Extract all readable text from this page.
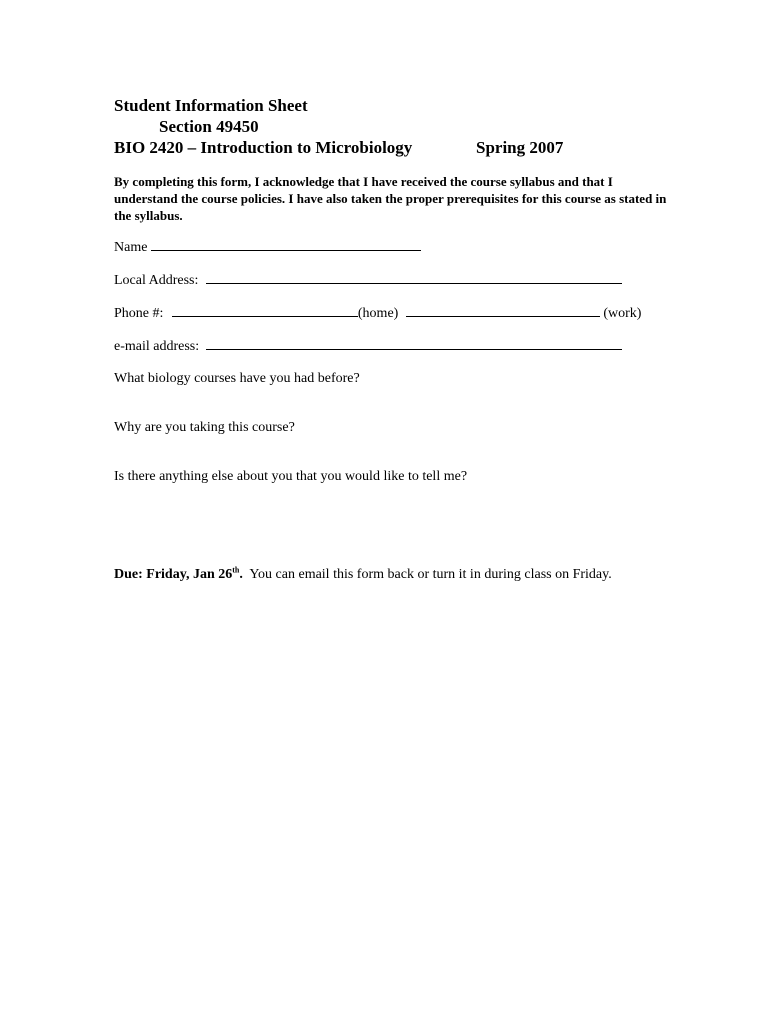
Student Information Sheet
Section 49450
BIO 2420 – Introduction to Microbiology	Spring 2007
By completing this form, I acknowledge that I have received the course syllabus and that I understand the course policies. I have also taken the proper prerequisites for this course as stated in the syllabus.
Name
Local Address:
Phone #:	(home)	(work)
e-mail address:
What biology courses have you had before?
Why are you taking this course?
Is there anything else about you that you would like to tell me?
Due: Friday, Jan 26th.  You can email this form back or turn it in during class on Friday.
